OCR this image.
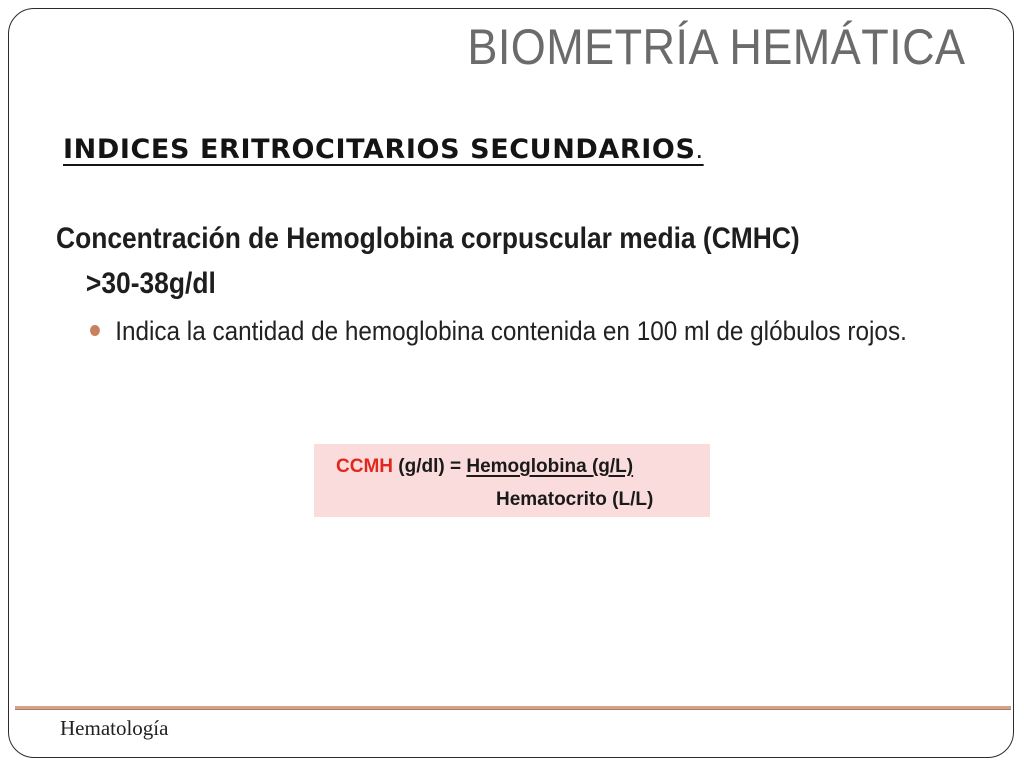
BIOMETRÍA HEMÁTICA
INDICES ERITROCITARIOS SECUNDARIOS.
Concentración de Hemoglobina corpuscular media (CMHC)
>30-38g/dl
Indica la cantidad de hemoglobina contenida en 100 ml de glóbulos rojos.
CCMH (g/dl) = Hemoglobina (g/L)
Hematocrito (L/L)
Hematología
